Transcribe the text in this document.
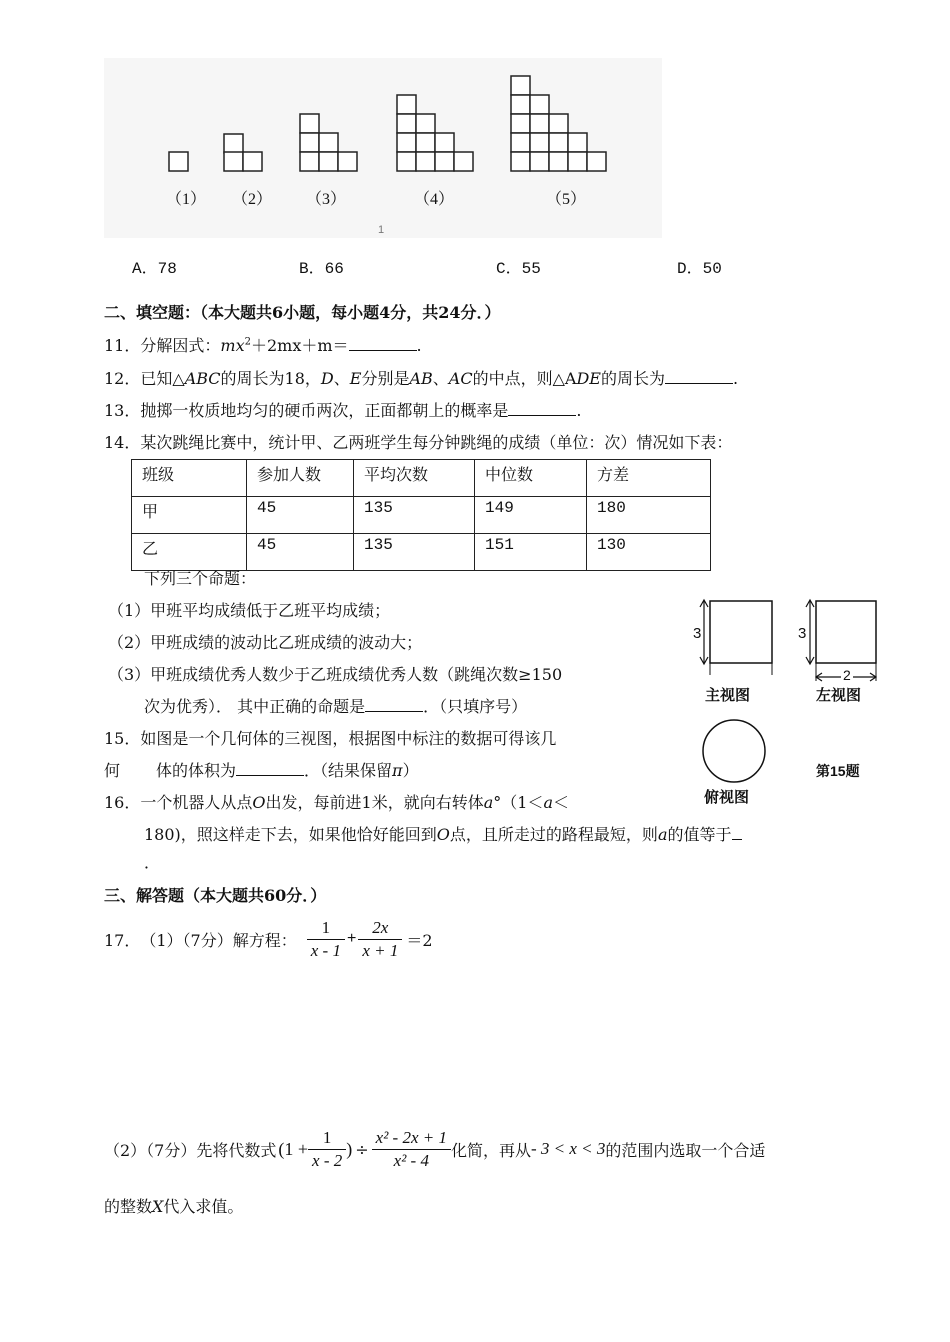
（1） （2） （3）	（4）	（5）
1
A．78	B．66	C．55	D．50
二、填空题：（本大题共6小题，每小题4分，共24分．）
11．分解因式：$mx^2+2mx+m=$	.
12．已知△ABC的周长为18，D、E分别是AB、AC的中点，则△ADE的周长为	.
13．抛掷一枚质地均匀的硬币两次，正面都朝上的概率是	.
14．某次跳绳比赛中，统计甲、乙两班学生每分钟跳绳的成绩（单位：次）情况如下表：
班级	参加人数	平均次数	中位数	方差
甲	45	135	149	180
乙	45	135	151	130
下列三个命题：
（1）甲班平均成绩低于乙班平均成绩；
（2）甲班成绩的波动比乙班成绩的波动大；
（3）甲班成绩优秀人数少于乙班成绩优秀人数（跳绳次数≥150
次为优秀）． 其中正确的命题是	．（只填序号）
15．如图是一个几何体的三视图，根据图中标注的数据可得该几
何 体的体积为	．（结果保留π）
3	3
2
主视图	左视图
第15题
俯视图
16．一个机器人从点O出发，每前进1米，就向右转体a°（1＜a＜
180)，照这样走下去，如果他恰好能回到O点，且所走过的路程最短，则a的值等于
．
三、解答题（本大题共60分．）
17． （1）（7分）解方程： $\frac{1}{x - 1} + \frac{2x}{x + 1} =2$
（2）（7分）先将代数式 ($1 + \frac{1}{x - 2}$ ) ÷ $\frac{\text{x² - 2x + 1}}{\text{x² - 4}}$ 化简，再从 - 3 < x < 3 的范围内选取一个合适
的整数X代入求值。
